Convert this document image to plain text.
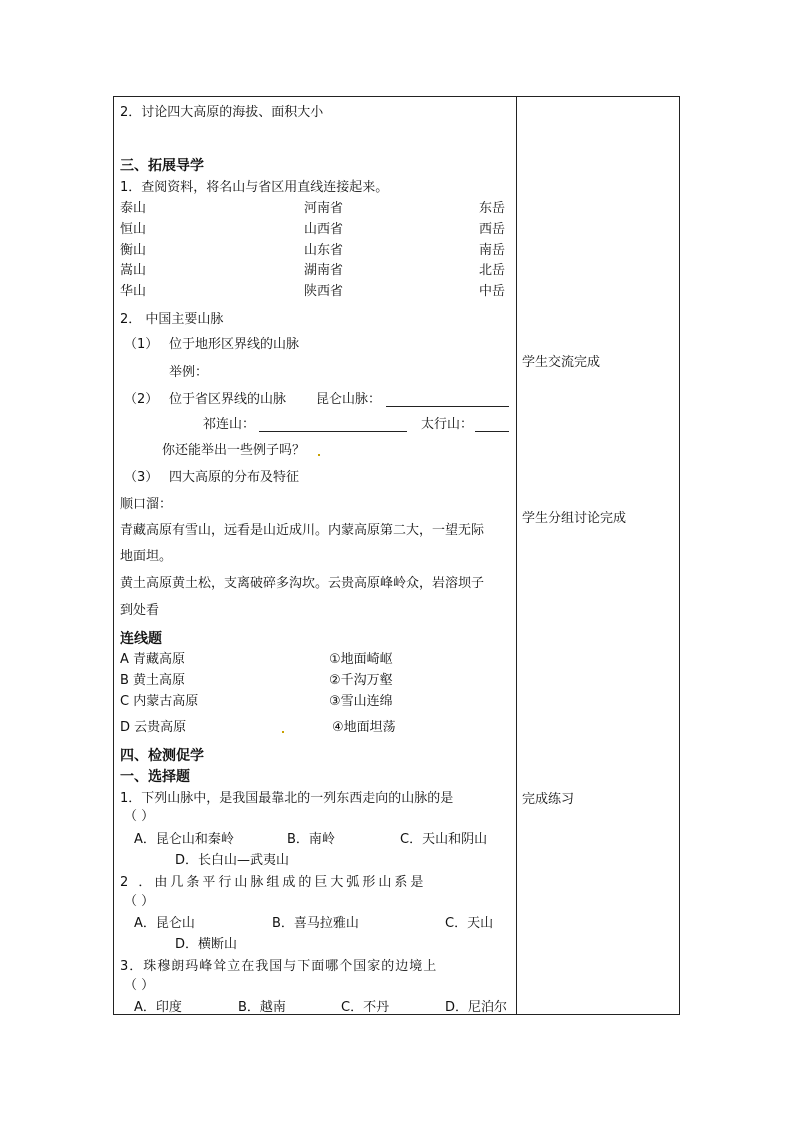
2．讨论四大高原的海拔、面积大小
三、拓展导学
1．查阅资料，将名山与省区用直线连接起来。
泰山	河南省	东岳
恒山	山西省	西岳
衡山	山东省	南岳
嵩山	湖南省	北岳
华山	陕西省	中岳
2． 中国主要山脉
（1） 位于地形区界线的山脉
举例：
（2） 位于省区界线的山脉 昆仑山脉：
祁连山：	太行山：
你还能举出一些例子吗？
（3） 四大高原的分布及特征
顺口溜：
青藏高原有雪山，远看是山近成川。内蒙高原第二大，一望无际
地面坦。
黄土高原黄土松，支离破碎多沟坎。云贵高原峰岭众，岩溶坝子
到处看
连线题
A 青藏高原	①地面崎岖
B 黄土高原	②千沟万壑
C 内蒙古高原	③雪山连绵
D 云贵高原	④地面坦荡
四、检测促学
一、选择题
1．下列山脉中，是我国最靠北的一列东西走向的山脉的是
（ ）
A．昆仑山和秦岭	B．南岭	C．天山和阴山
D．长白山—武夷山
2 ．由几条平行山脉组成的巨大弧形山系是
（ ）
A．昆仑山	B．喜马拉雅山	C．天山
D．横断山
3．珠穆朗玛峰耸立在我国与下面哪个国家的边境上
（ ）
A．印度	B．越南	C．不丹	D．尼泊尔
学生交流完成
学生分组讨论完成
完成练习
